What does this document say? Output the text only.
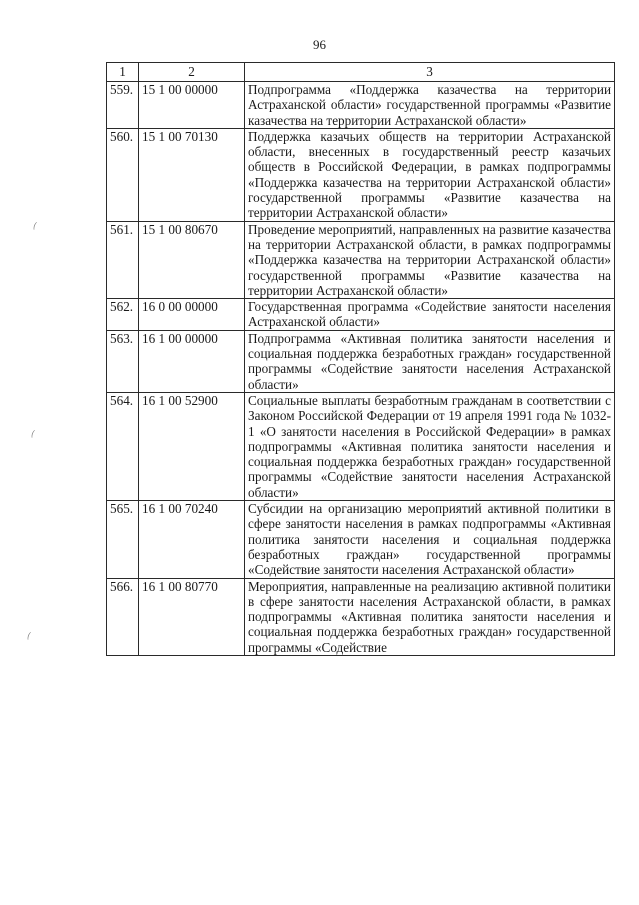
96
1	2	3
559.	15 1 00 00000	Подпрограмма «Поддержка казачества на территории Астраханской области» государственной программы «Развитие казачества на территории Астраханской области»
560.	15 1 00 70130	Поддержка казачьих обществ на территории Астраханской области, внесенных в государственный реестр казачьих обществ в Российской Федерации, в рамках подпрограммы «Поддержка казачества на территории Астраханской области» государственной программы «Развитие казачества на территории Астраханской области»
561.	15 1 00 80670	Проведение мероприятий, направленных на развитие казачества на территории Астраханской области, в рамках подпрограммы «Поддержка казачества на территории Астраханской области» государственной программы «Развитие казачества на территории Астраханской области»
562.	16 0 00 00000	Государственная программа «Содействие занятости населения Астраханской области»
563.	16 1 00 00000	Подпрограмма «Активная политика занятости населения и социальная поддержка безработных граждан» государственной программы «Содействие занятости населения Астраханской области»
564.	16 1 00 52900	Социальные выплаты безработным гражданам в соответствии с Законом Российской Федерации от 19 апреля 1991 года № 1032-1 «О занятости населения в Российской Федерации» в рамках подпрограммы «Активная политика занятости населения и социальная поддержка безработных граждан» государственной программы «Содействие занятости населения Астраханской области»
565.	16 1 00 70240	Субсидии на организацию мероприятий активной политики в сфере занятости населения в рамках подпрограммы «Активная политика занятости населения и социальная поддержка безработных граждан» государственной программы «Содействие занятости населения Астраханской области»
566.	16 1 00 80770	Мероприятия, направленные на реализацию активной политики в сфере занятости населения Астраханской области, в рамках подпрограммы «Активная политика занятости населения и социальная поддержка безработных граждан» государственной программы «Содействие
⁀
⁀
⁀
